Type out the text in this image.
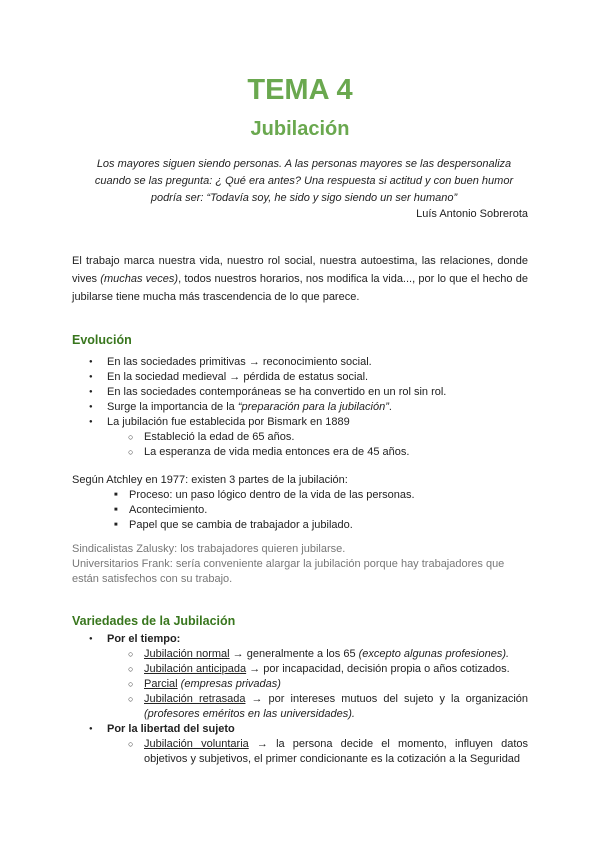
TEMA 4
Jubilación
Los mayores siguen siendo personas. A las personas mayores se las despersonaliza cuando se las pregunta: ¿ Qué era antes? Una respuesta si actitud y con buen humor podría ser: “Todavía soy, he sido y sigo siendo un ser humano”
Luís Antonio Sobrerota
El trabajo marca nuestra vida, nuestro rol social, nuestra autoestima, las relaciones, donde vives (muchas veces), todos nuestros horarios, nos modifica la vida..., por lo que el hecho de jubilarse tiene mucha más trascendencia de lo que parece.
Evolución
● En las sociedades primitivas → reconocimiento social.
● En la sociedad medieval → pérdida de estatus social.
● En las sociedades contemporáneas se ha convertido en un rol sin rol.
● Surge la importancia de la “preparación para la jubilación”.
● La jubilación fue establecida por Bismark en 1889
○ Estableció la edad de 65 años.
○ La esperanza de vida media entonces era de 45 años.
Según Atchley en 1977: existen 3 partes de la jubilación:
■ Proceso: un paso lógico dentro de la vida de las personas.
■ Acontecimiento.
■ Papel que se cambia de trabajador a jubilado.
Sindicalistas Zalusky: los trabajadores quieren jubilarse.
Universitarios Frank: sería conveniente alargar la jubilación porque hay trabajadores que están satisfechos con su trabajo.
Variedades de la Jubilación
● Por el tiempo:
○ Jubilación normal → generalmente a los 65 (excepto algunas profesiones).
○ Jubilación anticipada → por incapacidad, decisión propia o años cotizados.
○ Parcial (empresas privadas)
○ Jubilación retrasada → por intereses mutuos del sujeto y la organización (profesores eméritos en las universidades).
● Por la libertad del sujeto
○ Jubilación voluntaria → la persona decide el momento, influyen datos objetivos y subjetivos, el primer condicionante es la cotización a la Seguridad
